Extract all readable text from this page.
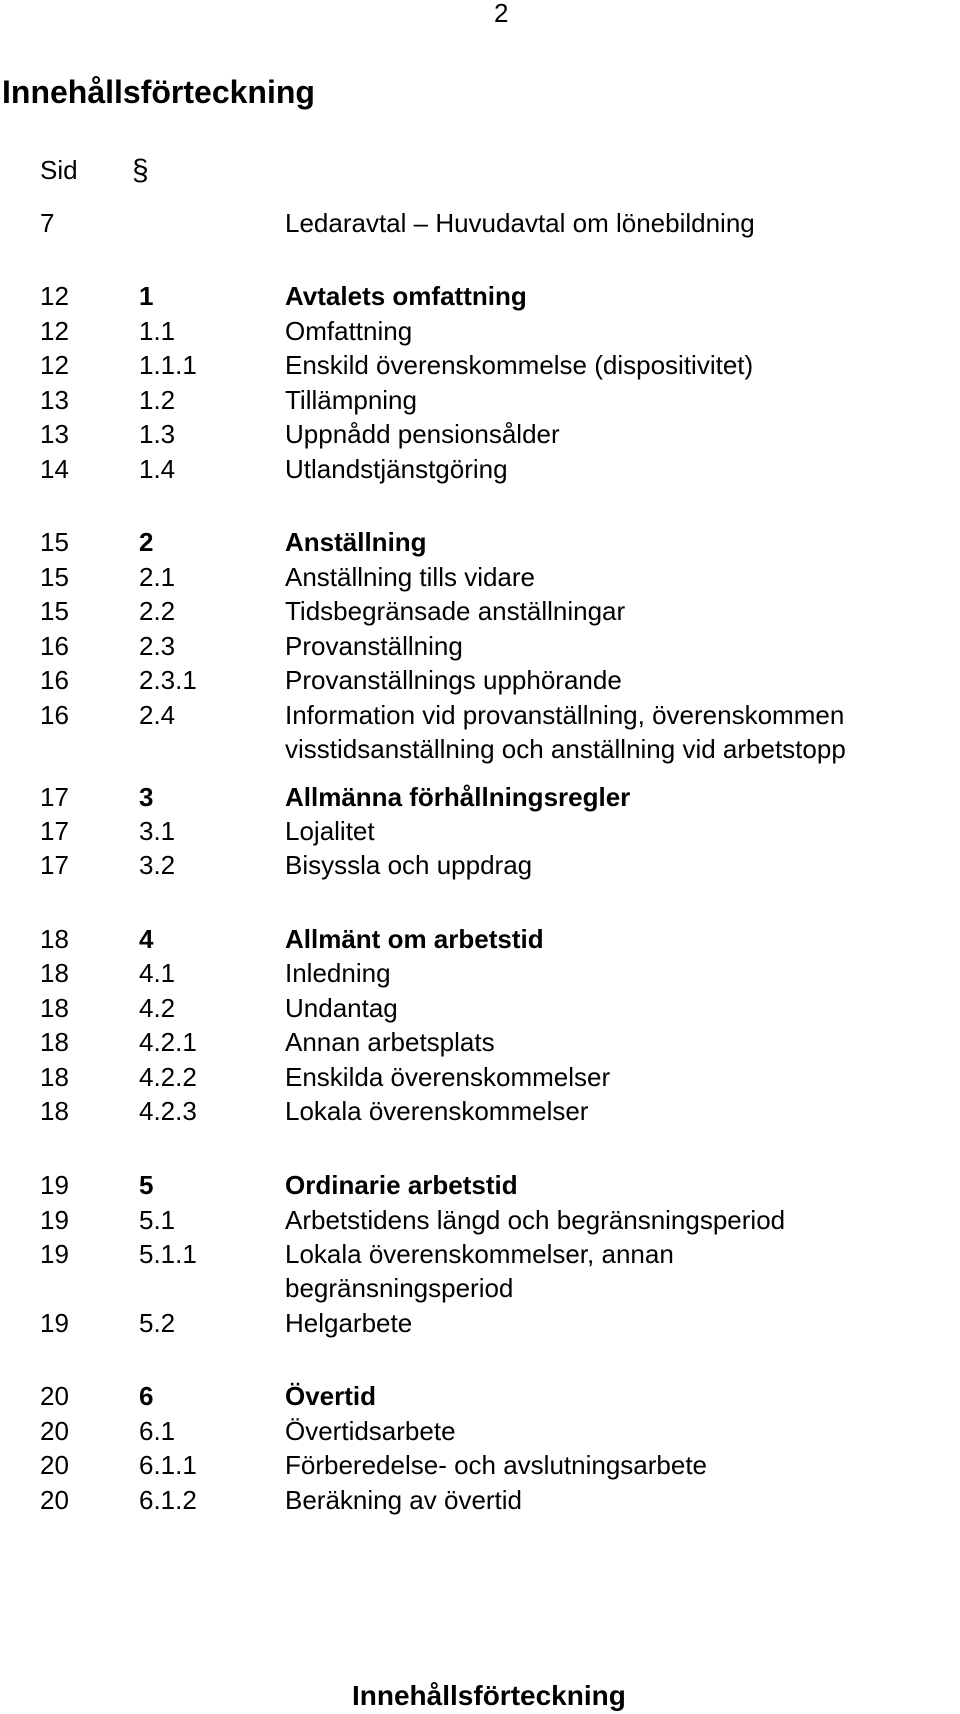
2
Innehållsförteckning
Sid §
7	Ledaravtal – Huvudavtal om lönebildning
12	1	Avtalets omfattning
12	1.1	Omfattning
12	1.1.1	Enskild överenskommelse (dispositivitet)
13	1.2	Tillämpning
13	1.3	Uppnådd pensionsålder
14	1.4	Utlandstjänstgöring
15	2	Anställning
15	2.1	Anställning tills vidare
15	2.2	Tidsbegränsade anställningar
16	2.3	Provanställning
16	2.3.1	Provanställnings upphörande
16	2.4	Information vid provanställning, överenskommen
visstidsanställning och anställning vid arbetstopp
17	3	Allmänna förhållningsregler
17	3.1	Lojalitet
17	3.2	Bisyssla och uppdrag
18	4	Allmänt om arbetstid
18	4.1	Inledning
18	4.2	Undantag
18	4.2.1	Annan arbetsplats
18	4.2.2	Enskilda överenskommelser
18	4.2.3	Lokala överenskommelser
19	5	Ordinarie arbetstid
19	5.1	Arbetstidens längd och begränsningsperiod
19	5.1.1	Lokala överenskommelser, annan
begränsningsperiod
19	5.2	Helgarbete
20	6	Övertid
20	6.1	Övertidsarbete
20	6.1.1	Förberedelse- och avslutningsarbete
20	6.1.2	Beräkning av övertid
Innehållsförteckning
